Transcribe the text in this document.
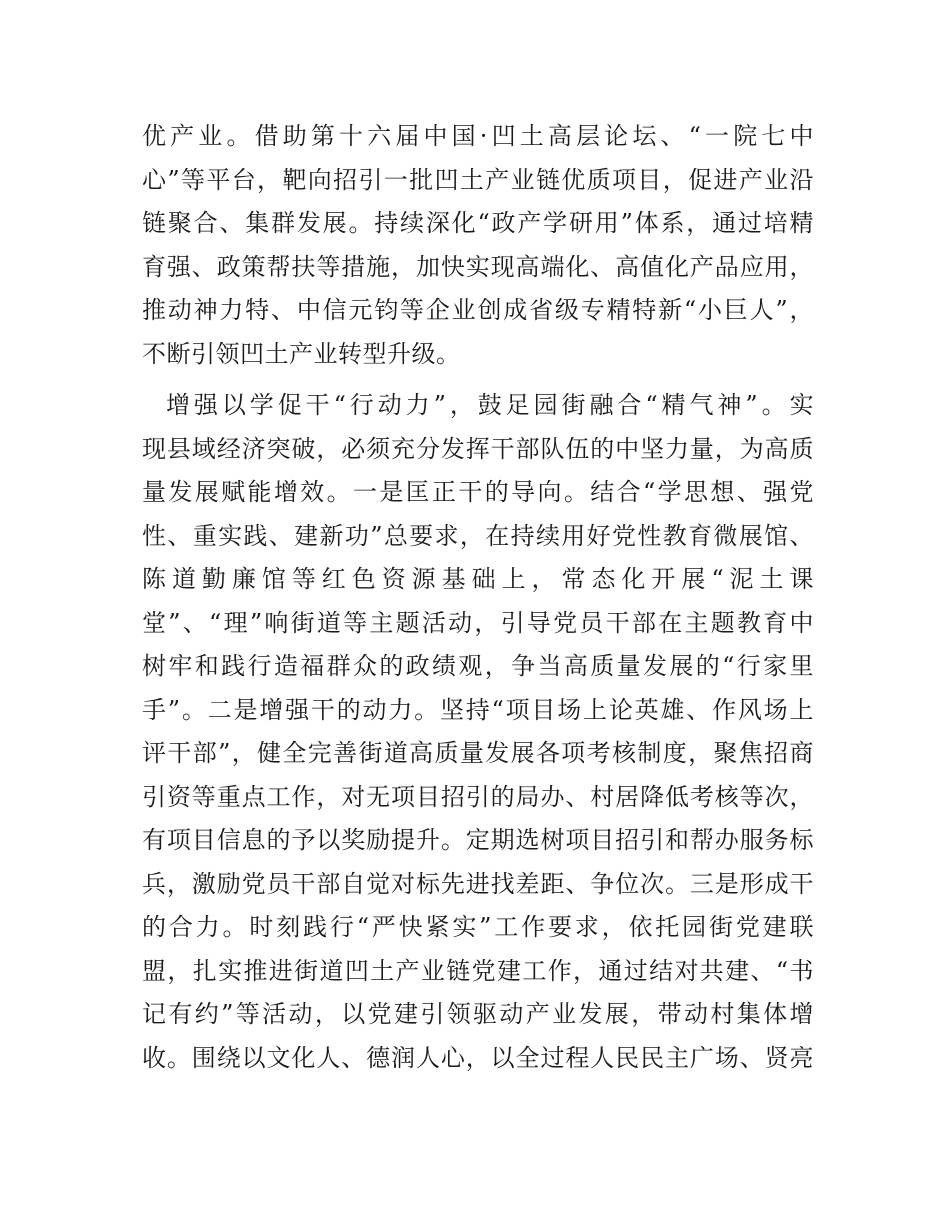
优产业。借助第十六届中国·凹土高层论坛、“一院七中
心”等平台，靶向招引一批凹土产业链优质项目，促进产业沿
链聚合、集群发展。持续深化“政产学研用”体系，通过培精
育强、政策帮扶等措施，加快实现高端化、高值化产品应用，
推动神力特、中信元钧等企业创成省级专精特新“小巨人”，
不断引领凹土产业转型升级。
增强以学促干“行动力”，鼓足园街融合“精气神”。实
现县域经济突破，必须充分发挥干部队伍的中坚力量，为高质
量发展赋能增效。一是匡正干的导向。结合“学思想、强党
性、重实践、建新功”总要求，在持续用好党性教育微展馆、
陈道勤廉馆等红色资源基础上，常态化开展“泥土课
堂”、“理”响街道等主题活动，引导党员干部在主题教育中
树牢和践行造福群众的政绩观，争当高质量发展的“行家里
手”。二是增强干的动力。坚持“项目场上论英雄、作风场上
评干部”，健全完善街道高质量发展各项考核制度，聚焦招商
引资等重点工作，对无项目招引的局办、村居降低考核等次，
有项目信息的予以奖励提升。定期选树项目招引和帮办服务标
兵，激励党员干部自觉对标先进找差距、争位次。三是形成干
的合力。时刻践行“严快紧实”工作要求，依托园街党建联
盟，扎实推进街道凹土产业链党建工作，通过结对共建、“书
记有约”等活动，以党建引领驱动产业发展，带动村集体增
收。围绕以文化人、德润人心，以全过程人民民主广场、贤亮
